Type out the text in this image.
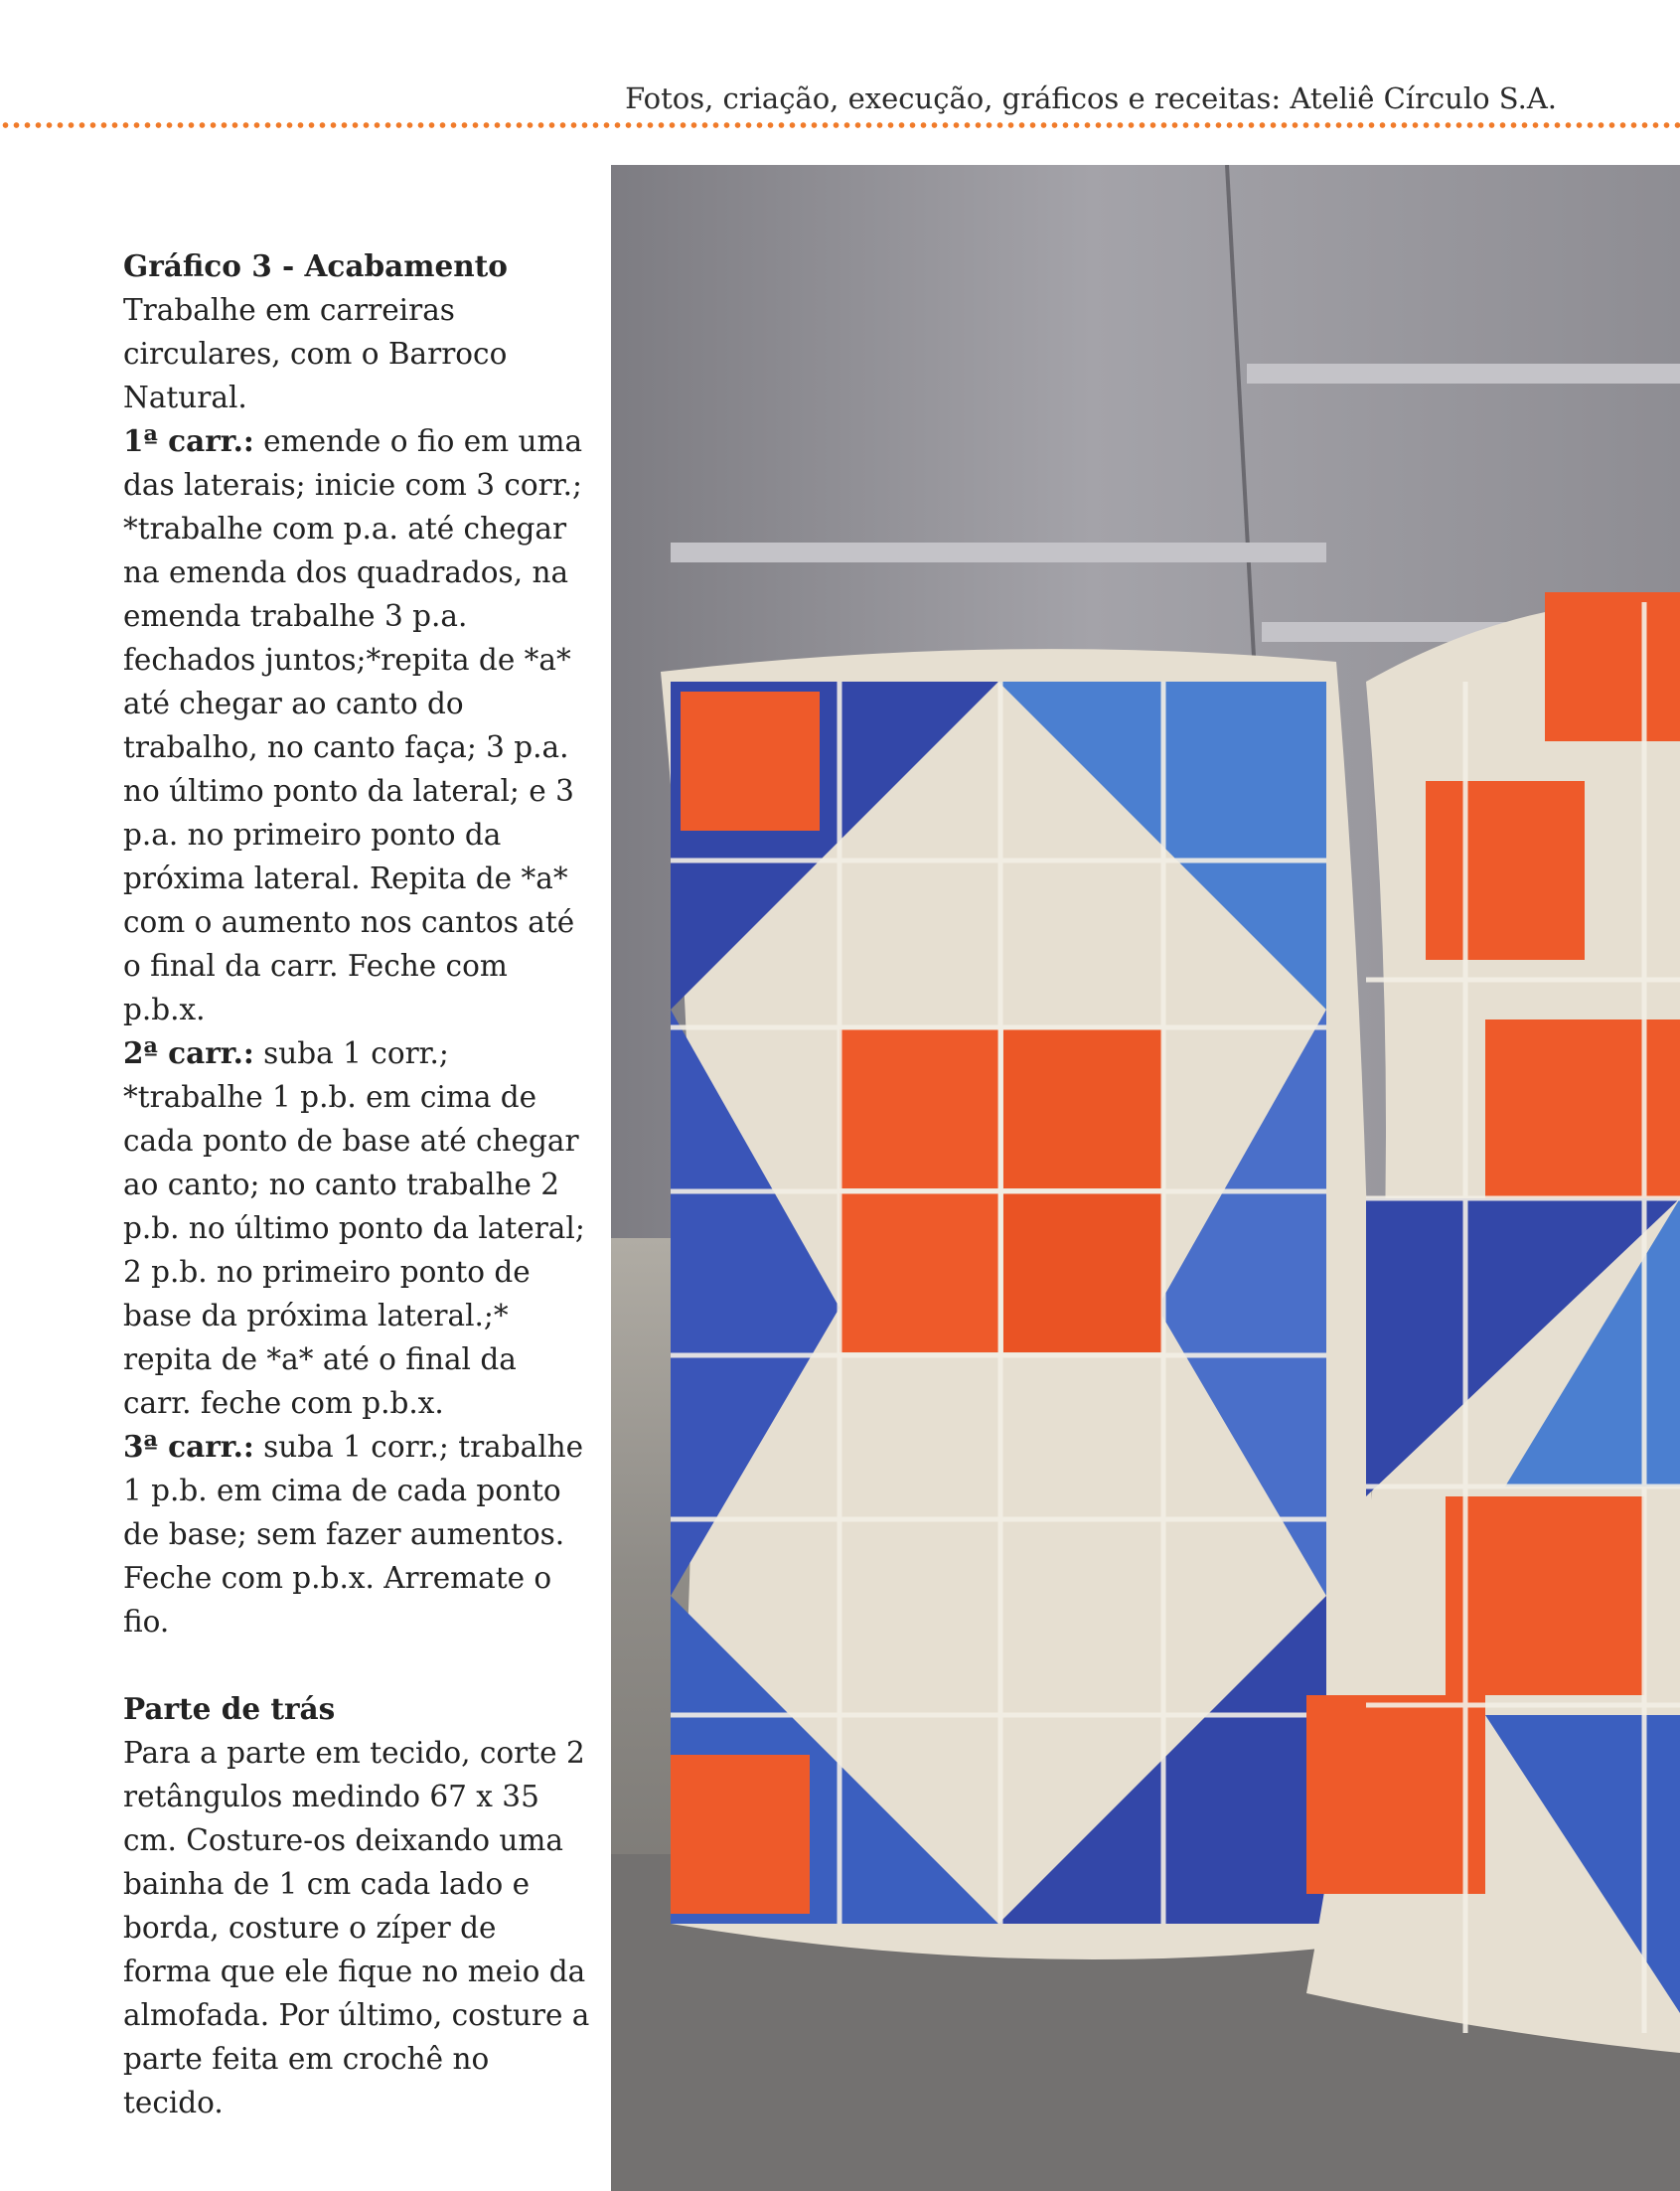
Fotos, criação, execução, gráficos e receitas: Ateliê Círculo S.A.
Gráfico 3 - Acabamento
Trabalhe em carreiras circulares, com o Barroco Natural.
1ª carr.: emende o fio em uma das laterais; inicie com 3 corr.; *trabalhe com p.a. até chegar na emenda dos quadrados, na emenda trabalhe 3 p.a. fechados juntos;*repita de *a* até chegar ao canto do trabalho, no canto faça; 3 p.a. no último ponto da lateral; e 3 p.a. no primeiro ponto da próxima lateral. Repita de *a* com o aumento nos cantos até o final da carr. Feche com p.b.x.
2ª carr.: suba 1 corr.; *trabalhe 1 p.b. em cima de cada ponto de base até chegar ao canto; no canto trabalhe 2 p.b. no último ponto da lateral; 2 p.b. no primeiro ponto de base da próxima lateral.;* repita de *a* até o final da carr. feche com p.b.x.
3ª carr.: suba 1 corr.; trabalhe 1 p.b. em cima de cada ponto de base; sem fazer aumentos. Feche com p.b.x. Arremate o fio.
Parte de trás
Para a parte em tecido, corte 2 retângulos medindo 67 x 35 cm. Costure-os deixando uma bainha de 1 cm cada lado e borda, costure o zíper de forma que ele fique no meio da almofada. Por último, costure a parte feita em crochê no tecido.
